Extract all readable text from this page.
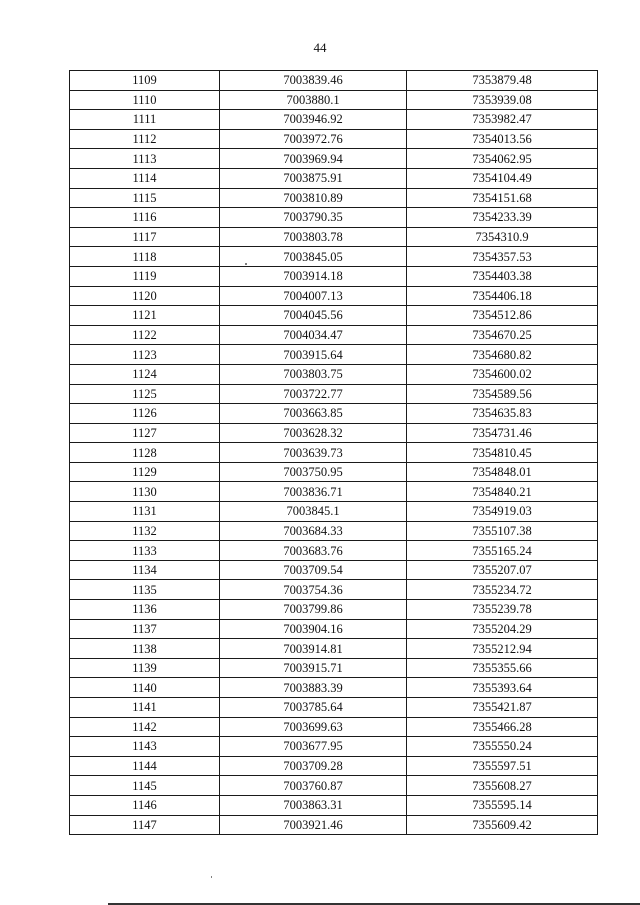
44
1109	7003839.46	7353879.48
1110	7003880.1	7353939.08
1111	7003946.92	7353982.47
1112	7003972.76	7354013.56
1113	7003969.94	7354062.95
1114	7003875.91	7354104.49
1115	7003810.89	7354151.68
1116	7003790.35	7354233.39
1117	7003803.78	7354310.9
1118	7003845.05	7354357.53
1119	7003914.18	7354403.38
1120	7004007.13	7354406.18
1121	7004045.56	7354512.86
1122	7004034.47	7354670.25
1123	7003915.64	7354680.82
1124	7003803.75	7354600.02
1125	7003722.77	7354589.56
1126	7003663.85	7354635.83
1127	7003628.32	7354731.46
1128	7003639.73	7354810.45
1129	7003750.95	7354848.01
1130	7003836.71	7354840.21
1131	7003845.1	7354919.03
1132	7003684.33	7355107.38
1133	7003683.76	7355165.24
1134	7003709.54	7355207.07
1135	7003754.36	7355234.72
1136	7003799.86	7355239.78
1137	7003904.16	7355204.29
1138	7003914.81	7355212.94
1139	7003915.71	7355355.66
1140	7003883.39	7355393.64
1141	7003785.64	7355421.87
1142	7003699.63	7355466.28
1143	7003677.95	7355550.24
1144	7003709.28	7355597.51
1145	7003760.87	7355608.27
1146	7003863.31	7355595.14
1147	7003921.46	7355609.42
